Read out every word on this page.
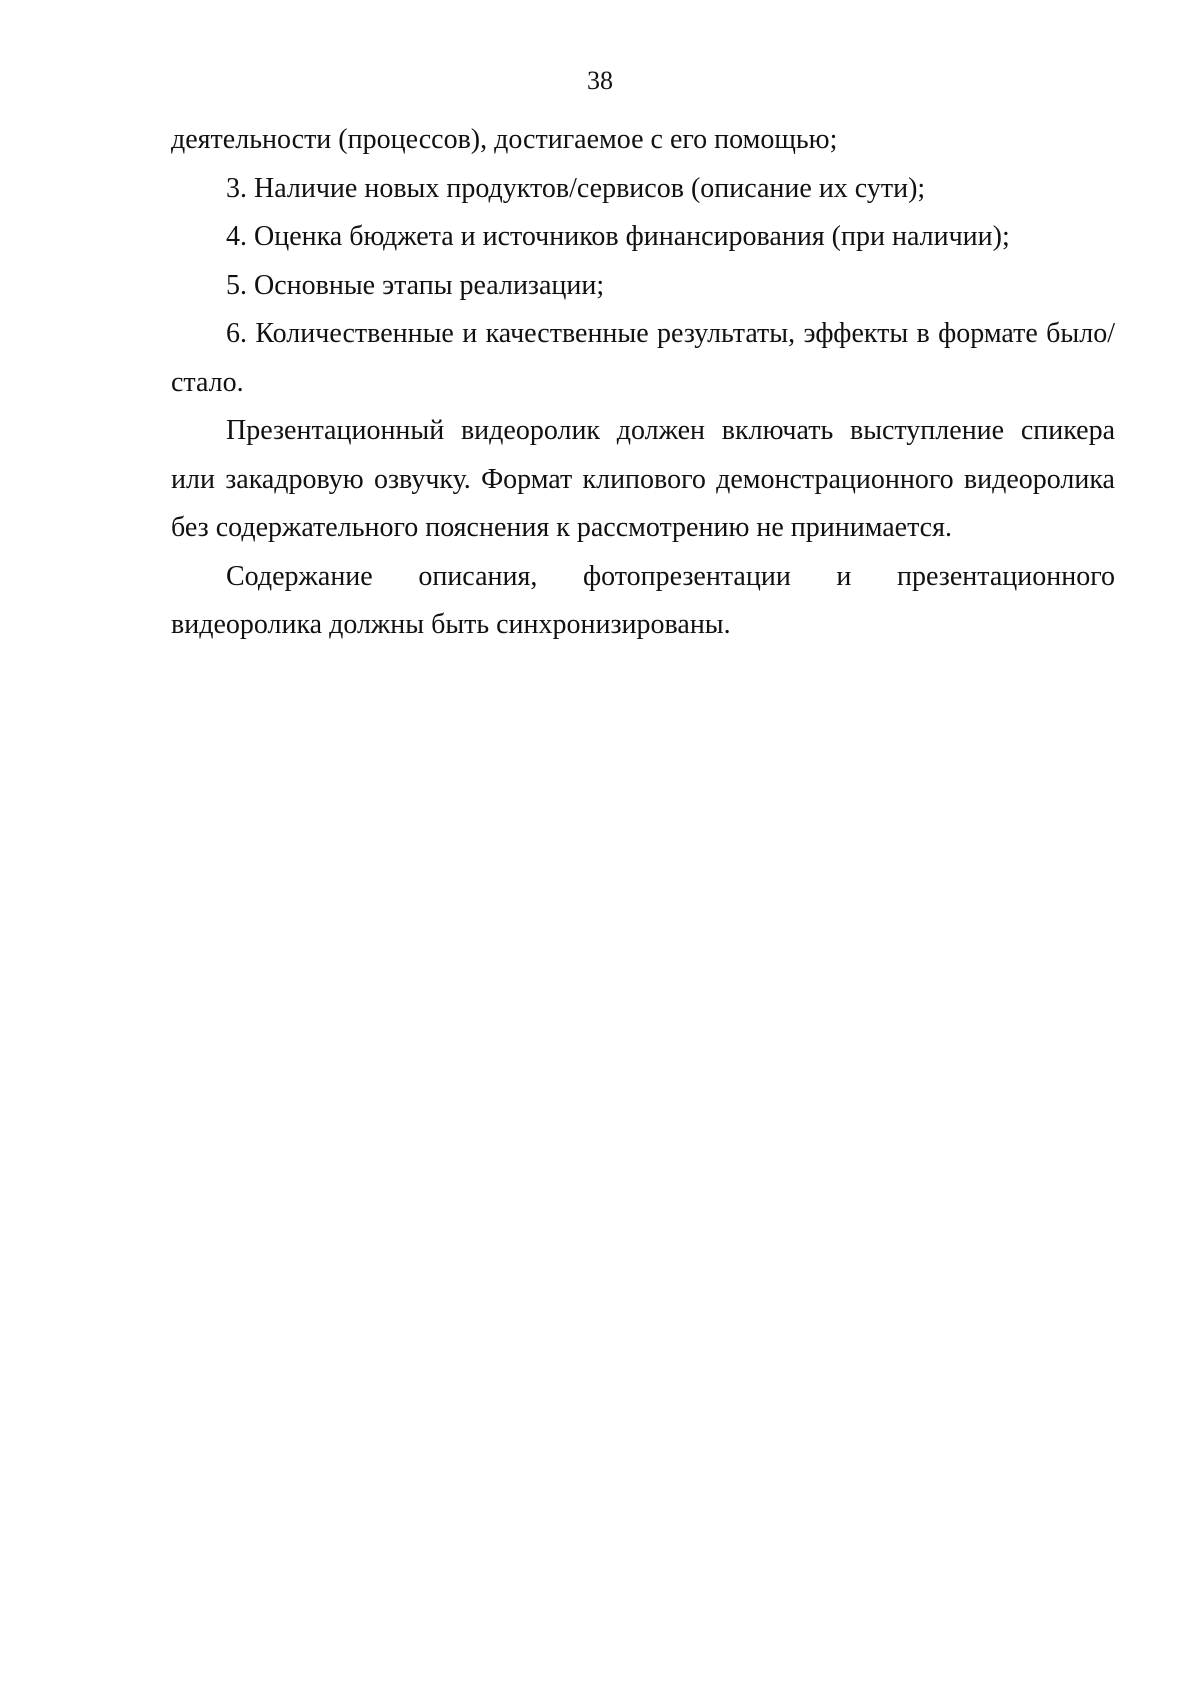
38

деятельности (процессов), достигаемое с его помощью;

3. Наличие новых продуктов/сервисов (описание их сути);

4. Оценка бюджета и источников финансирования (при наличии);

5. Основные этапы реализации;

6. Количественные и качественные результаты, эффекты в формате было/стало.

Презентационный видеоролик должен включать выступление спикера или закадровую озвучку. Формат клипового демонстрационного видеоролика без содержательного пояснения к рассмотрению не принимается.

Содержание описания, фотопрезентации и презентационного

видеоролика должны быть синхронизированы.
